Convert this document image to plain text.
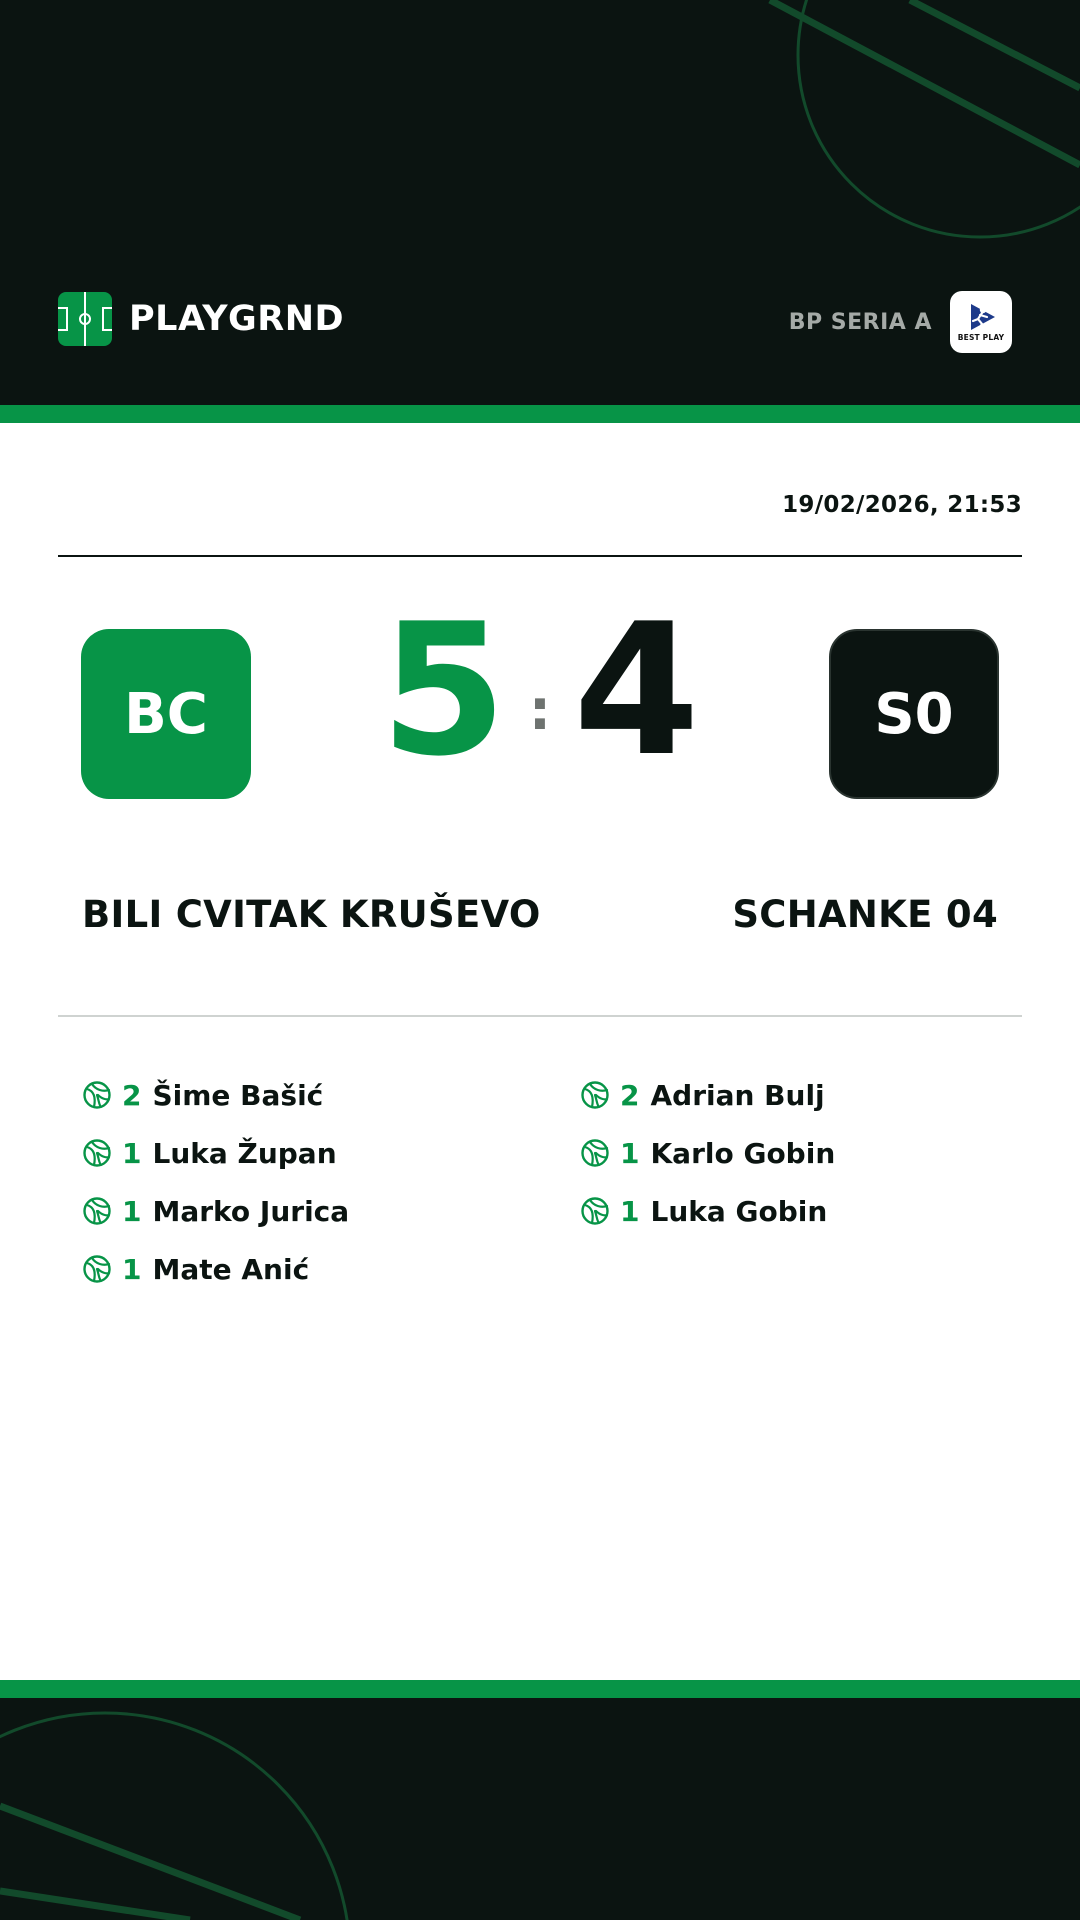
PLAYGRND	BP SERIA A
BEST PLAY
19/02/2026, 21:53
BC 5 : 4	S0
BILI CVITAK KRUŠEVO	SCHANKE 04
2 Šime Bašić
1 Luka Župan
1 Marko Jurica
1 Mate Anić
2 Adrian Bulj
1 Karlo Gobin
1 Luka Gobin
